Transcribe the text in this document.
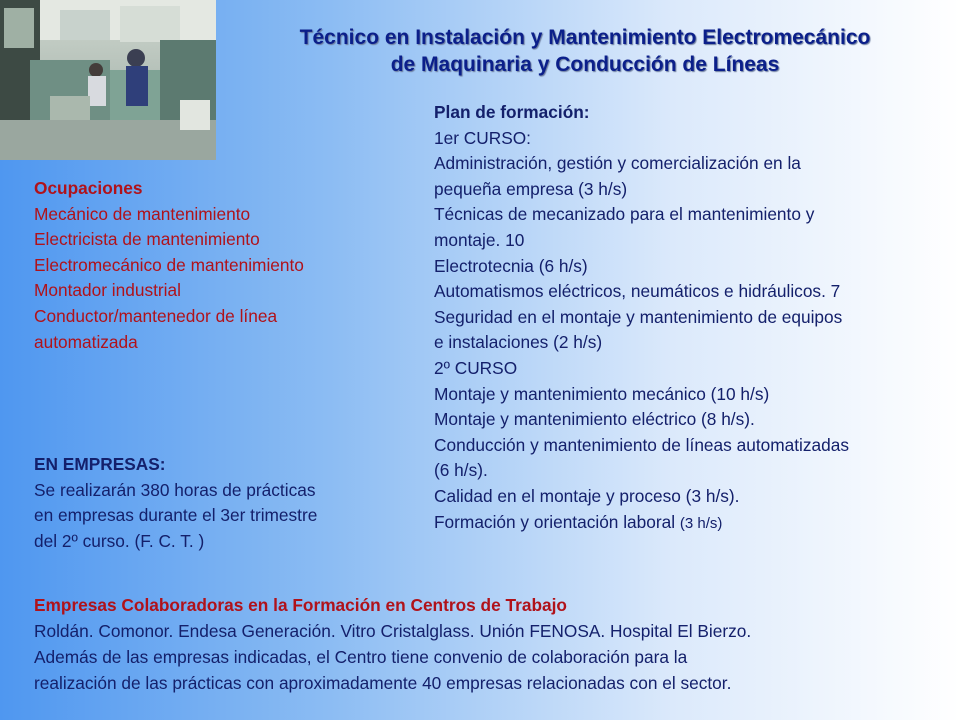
Técnico en Instalación y Mantenimiento Electromecánico
de Maquinaria y Conducción de Líneas
Ocupaciones
Mecánico de mantenimiento
Electricista de mantenimiento
Electromecánico de mantenimiento
Montador industrial
Conductor/mantenedor de línea
automatizada
Plan de formación:
1er CURSO:
Administración, gestión y comercialización en la
pequeña empresa (3 h/s)
Técnicas de mecanizado para el mantenimiento y
montaje. 10
Electrotecnia (6 h/s)
Automatismos eléctricos, neumáticos e hidráulicos. 7
Seguridad en el montaje y mantenimiento de equipos
e instalaciones (2 h/s)
2º CURSO
Montaje y mantenimiento mecánico (10 h/s)
Montaje y mantenimiento eléctrico (8 h/s).
Conducción y mantenimiento de líneas automatizadas
(6 h/s).
Calidad en el montaje y proceso (3 h/s).
Formación y orientación laboral (3 h/s)
EN EMPRESAS:
Se realizarán 380 horas de prácticas
en empresas durante el 3er trimestre
del 2º curso. (F. C. T. )
Empresas Colaboradoras en la Formación en Centros de Trabajo
Roldán. Comonor. Endesa Generación. Vitro Cristalglass. Unión FENOSA. Hospital El Bierzo.
Además de las empresas indicadas, el Centro tiene convenio de colaboración para la
realización de las prácticas con aproximadamente 40 empresas relacionadas con el sector.
